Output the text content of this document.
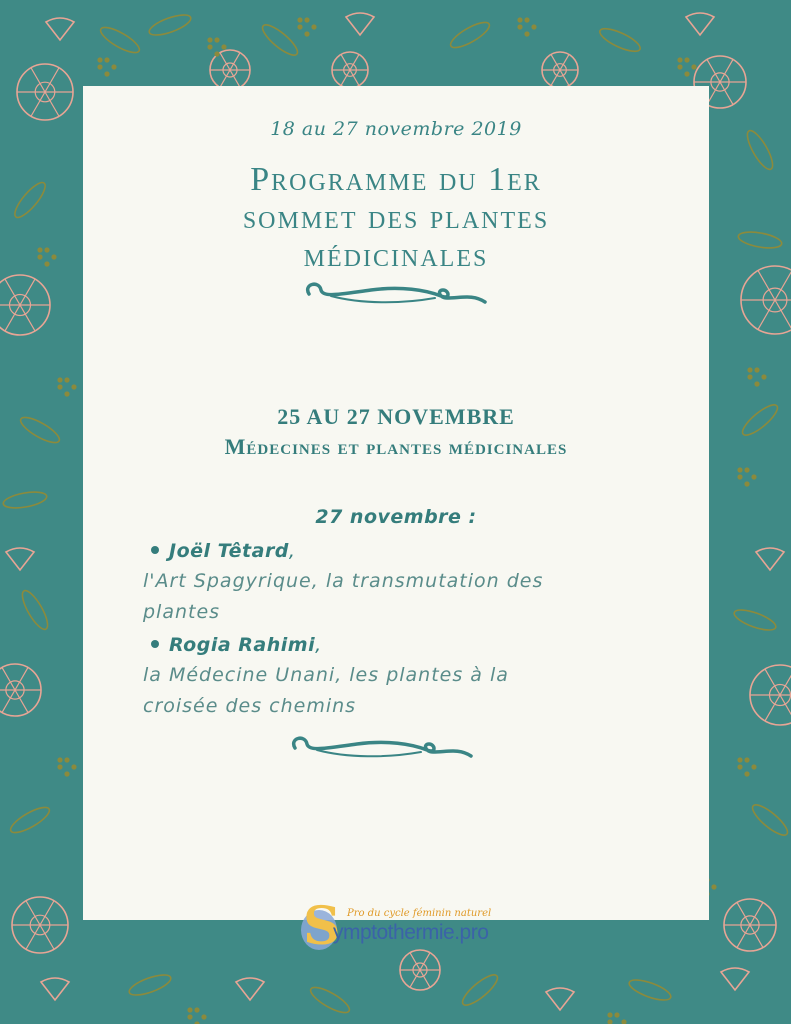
18 au 27 novembre 2019
Programme du 1er
sommet des plantes
médicinales
25 AU 27 NOVEMBRE
Médecines et plantes médicinales
27 novembre :
Joël Têtard,
l'Art Spagyrique, la transmutation des
plantes
Rogia Rahimi,
la Médecine Unani, les plantes à la
croisée des chemins
S Pro du cycle féminin naturel
ymptothermie.pro
